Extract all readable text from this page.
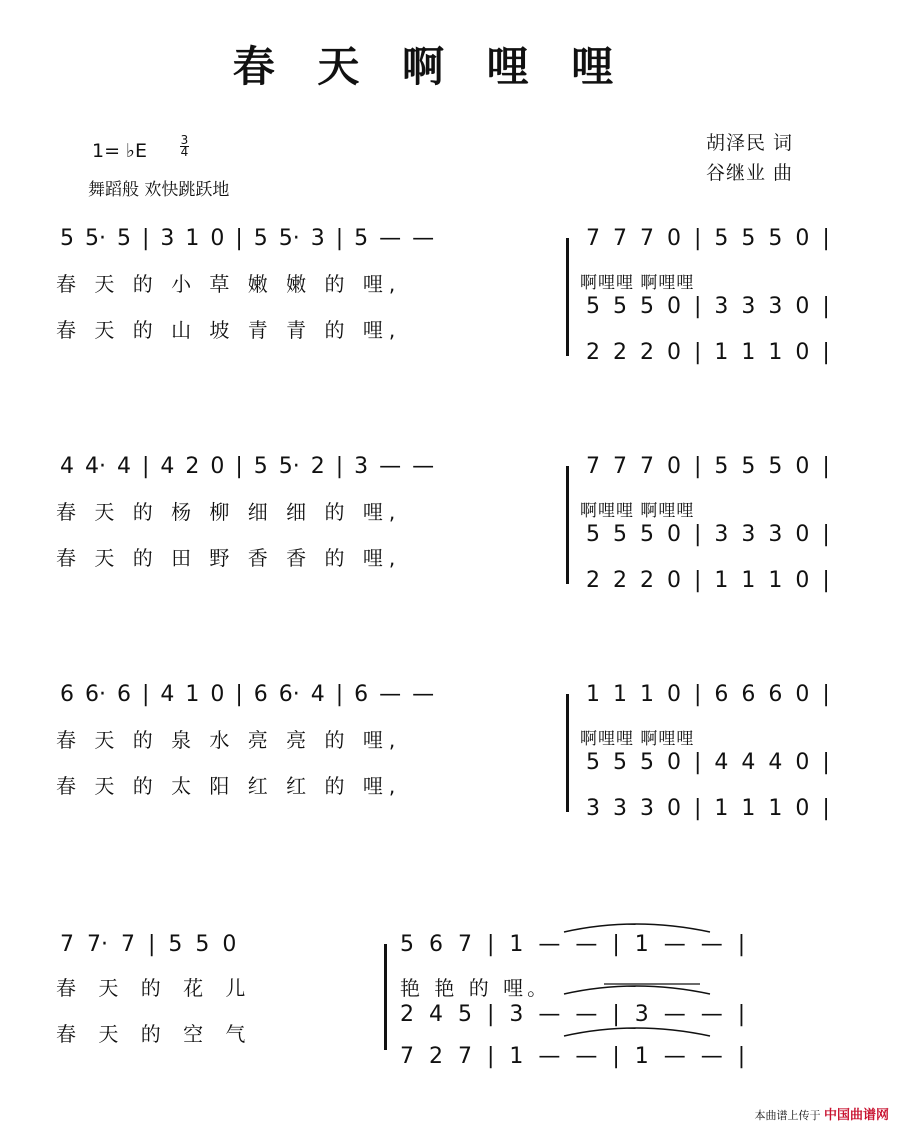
春 天 啊 哩 哩
1= ♭E	3
4
舞蹈般 欢快跳跃地
胡泽民 词
谷继业 曲
5 5· 5 | 3 1 0 | 5 5· 3 | 5 — —
春 天 的 小 草 嫩 嫩 的 哩,
春 天 的 山 坡 青 青 的 哩,
7 7 7 0 | 5 5 5 0 |
啊哩哩 啊哩哩
5 5 5 0 | 3 3 3 0 |
2 2 2 0 | 1 1 1 0 |
4 4· 4 | 4 2 0 | 5 5· 2 | 3 — —
春 天 的 杨 柳 细 细 的 哩,
春 天 的 田 野 香 香 的 哩,
7 7 7 0 | 5 5 5 0 |
啊哩哩 啊哩哩
5 5 5 0 | 3 3 3 0 |
2 2 2 0 | 1 1 1 0 |
6 6· 6 | 4 1 0 | 6 6· 4 | 6 — —
春 天 的 泉 水 亮 亮 的 哩,
春 天 的 太 阳 红 红 的 哩,
1 1 1 0 | 6 6 6 0 |
啊哩哩 啊哩哩
5 5 5 0 | 4 4 4 0 |
3 3 3 0 | 1 1 1 0 |
7 7· 7 | 5 5 0
春 天 的 花 儿
春 天 的 空 气
5 6 7 | 1 — — | 1 — — |
艳 艳 的 哩。
2 4 5 | 3 — — | 3 — — |
7 2 7 | 1 — — | 1 — — |
本曲谱上传于 中国曲谱网
